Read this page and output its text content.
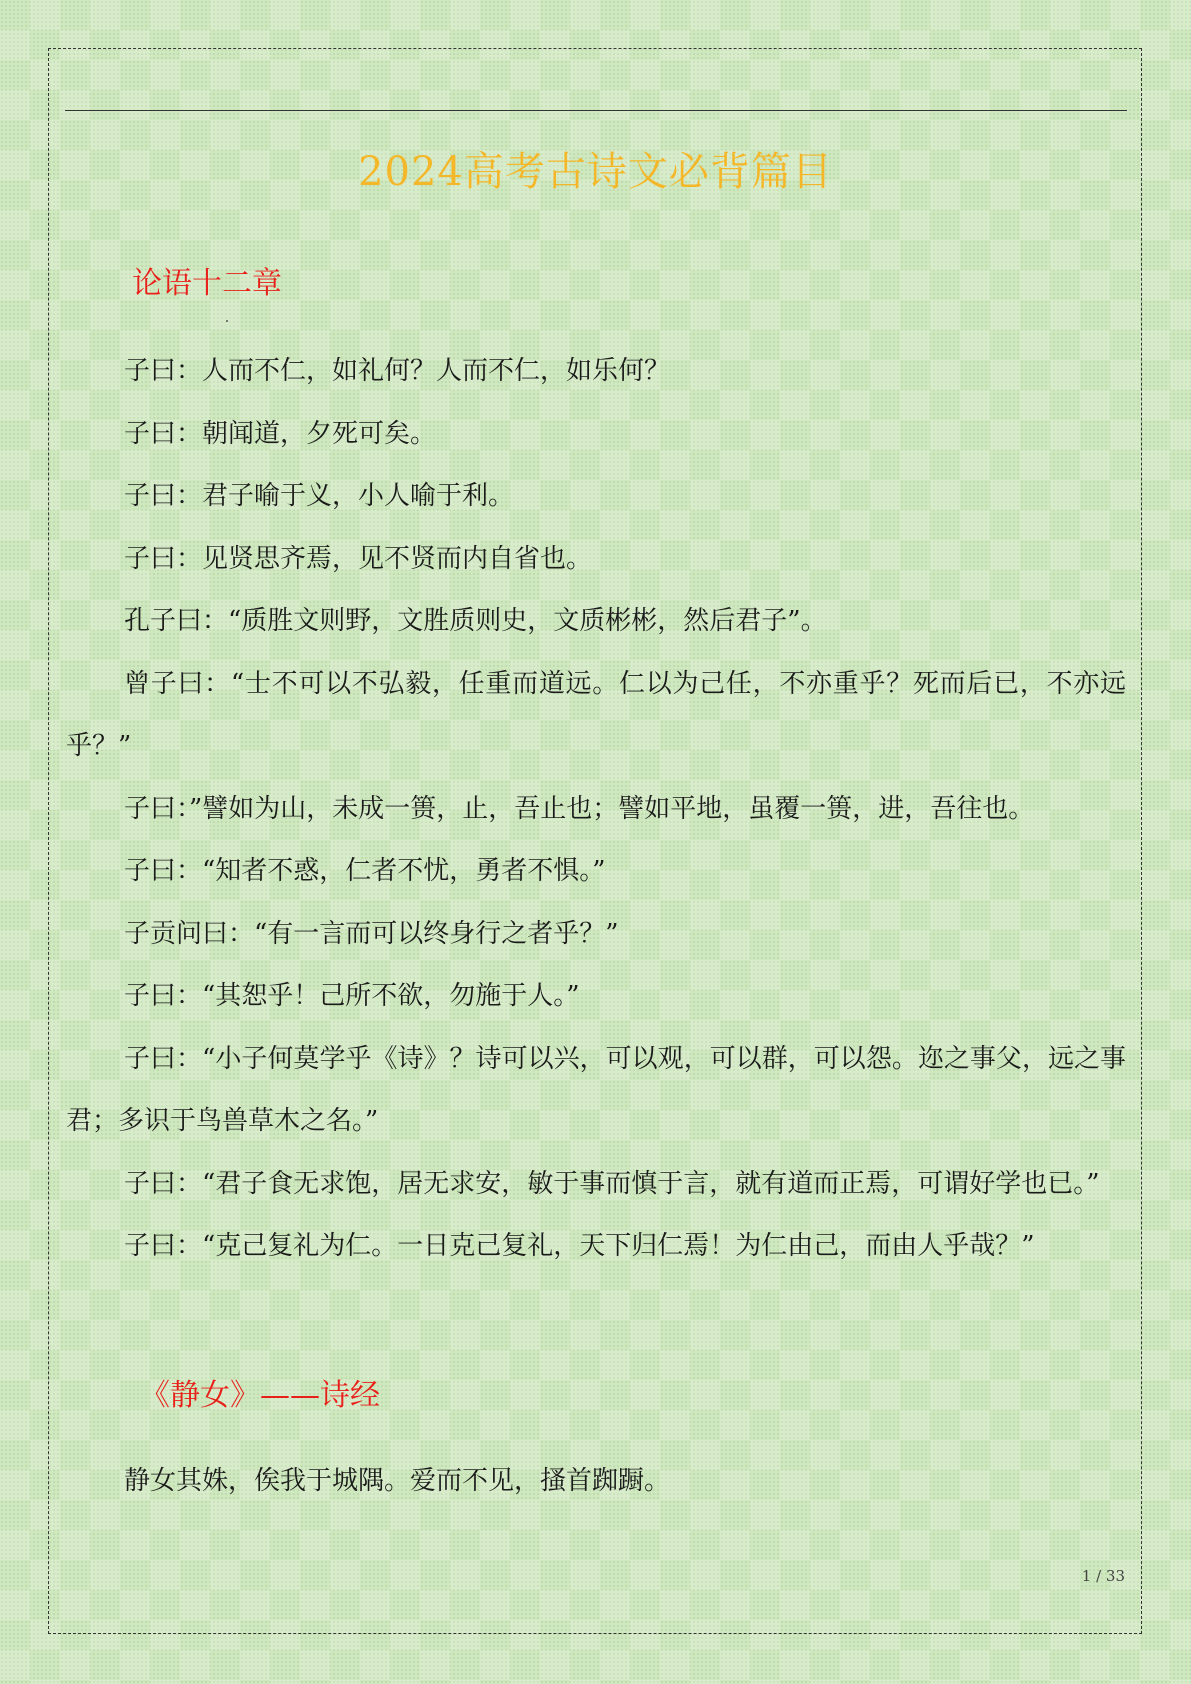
2024高考古诗文必背篇目
论语十二章

子曰：人而不仁，如礼何？人而不仁，如乐何？

子曰：朝闻道，夕死可矣。

子曰：君子喻于义，小人喻于利。

子曰：见贤思齐焉，见不贤而内自省也。

孔子曰：“质胜文则野，文胜质则史，文质彬彬，然后君子”。

曾子曰：“士不可以不弘毅，任重而道远。仁以为己任，不亦重乎？死而后已，不亦远乎？”

子曰：”譬如为山，未成一篑，止，吾止也；譬如平地，虽覆一篑，进，吾往也。

子曰：“知者不惑，仁者不忧，勇者不惧。”

子贡问曰：“有一言而可以终身行之者乎？”

子曰：“其恕乎！己所不欲，勿施于人。”

子曰：“小子何莫学乎《诗》？诗可以兴，可以观，可以群，可以怨。迩之事父，远之事君；多识于鸟兽草木之名。”

子曰：“君子食无求饱，居无求安，敏于事而慎于言，就有道而正焉，可谓好学也已。”

子曰：“克己复礼为仁。一日克己复礼，天下归仁焉！为仁由己，而由人乎哉？”

《静女》——诗经

静女其姝，俟我于城隅。爱而不见，搔首踟蹰。

1 / 33
